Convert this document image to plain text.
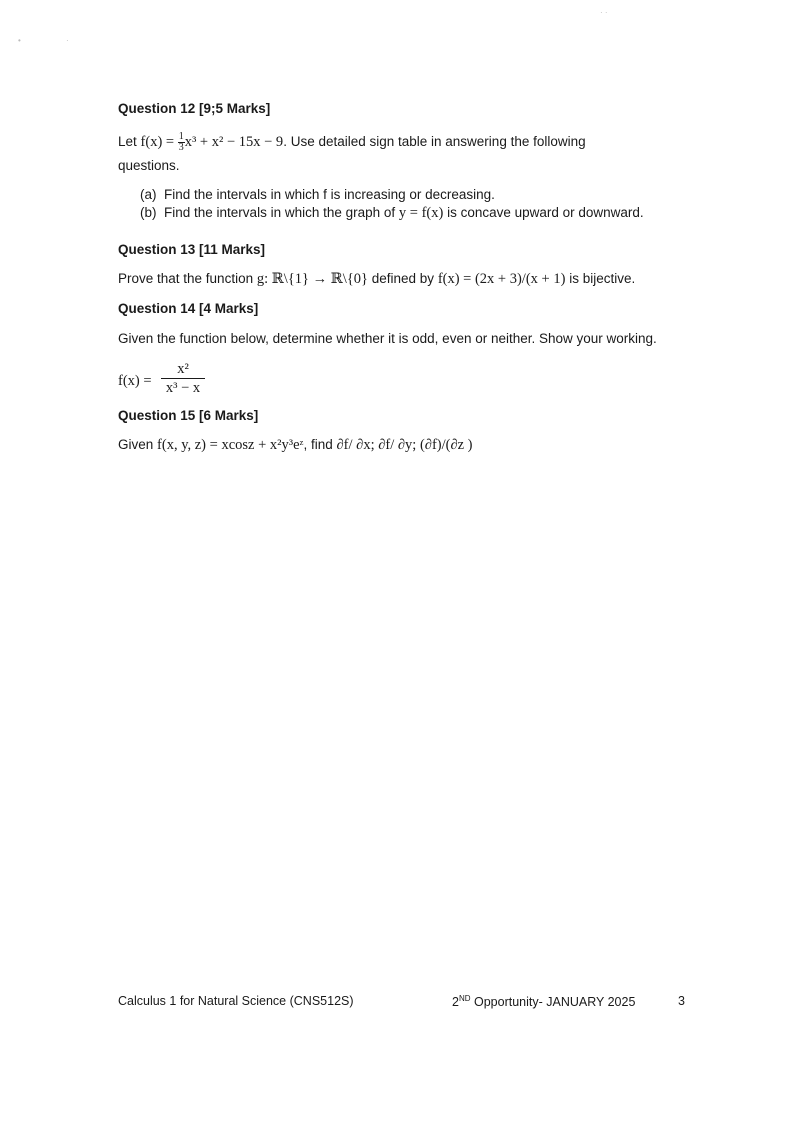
•	·
· ·
Question 12 [9;5 Marks]
Let $f(x) = \frac{1}{3} x^3 + x^2 - 15x - 9$. Use detailed sign table in answering the following
questions.
(a) Find the intervals in which f is increasing or decreasing.
(b) Find the intervals in which the graph of y = f(x) is concave upward or downward.
Question 13 [11 Marks]
Prove that the function g: ℝ\{1} → ℝ\{0} defined by f(x) = (2x + 3)/(x + 1) is bijective.
Question 14 [4 Marks]
Given the function below, determine whether it is odd, even or neither. Show your working.
f(x) =
x²
x³ − x
Question 15 [6 Marks]
Given f(x, y, z) = xcosz + x²y³eᶻ, find ∂f/ ∂x; ∂f/ ∂y; (∂f)/(∂z )
Calculus 1 for Natural Science (CNS512S)	2ND Opportunity- JANUARY 2025	3
